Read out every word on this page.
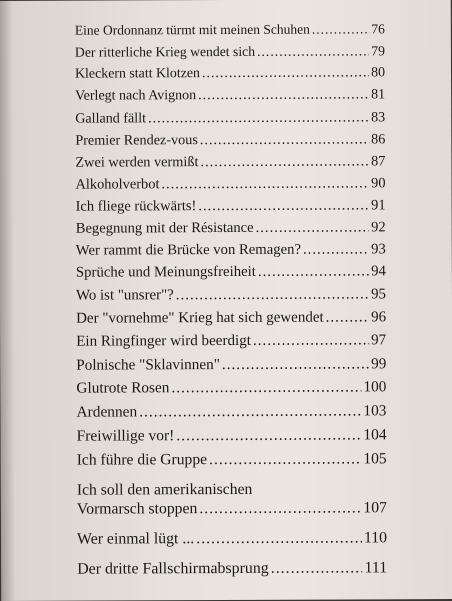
Eine Ordonnanz türmt mit meinen Schuhen .....	76
Der ritterliche Krieg wendet sich .....	79
Kleckern statt Klotzen .....	80
Verlegt nach Avignon .....	81
Galland fällt .....	83
Premier Rendez-vous .....	86
Zwei werden vermißt .....	87
Alkoholverbot .....	90
Ich fliege rückwärts! .....	91
Begegnung mit der Résistance .....	92
Wer rammt die Brücke von Remagen? .....	93
Sprüche und Meinungsfreiheit .....	94
Wo ist "unsrer"? .....	95
Der "vornehme" Krieg hat sich gewendet .....	96
Ein Ringfinger wird beerdigt .....	97
Polnische "Sklavinnen" .....	99
Glutrote Rosen .....	100
Ardennen .....	103
Freiwillige vor! .....	104
Ich führe die Gruppe .....	105
Ich soll den amerikanischen
Vormarsch stoppen .....	107
Wer einmal lügt ... .....	110
Der dritte Fallschirmabsprung .....	111
